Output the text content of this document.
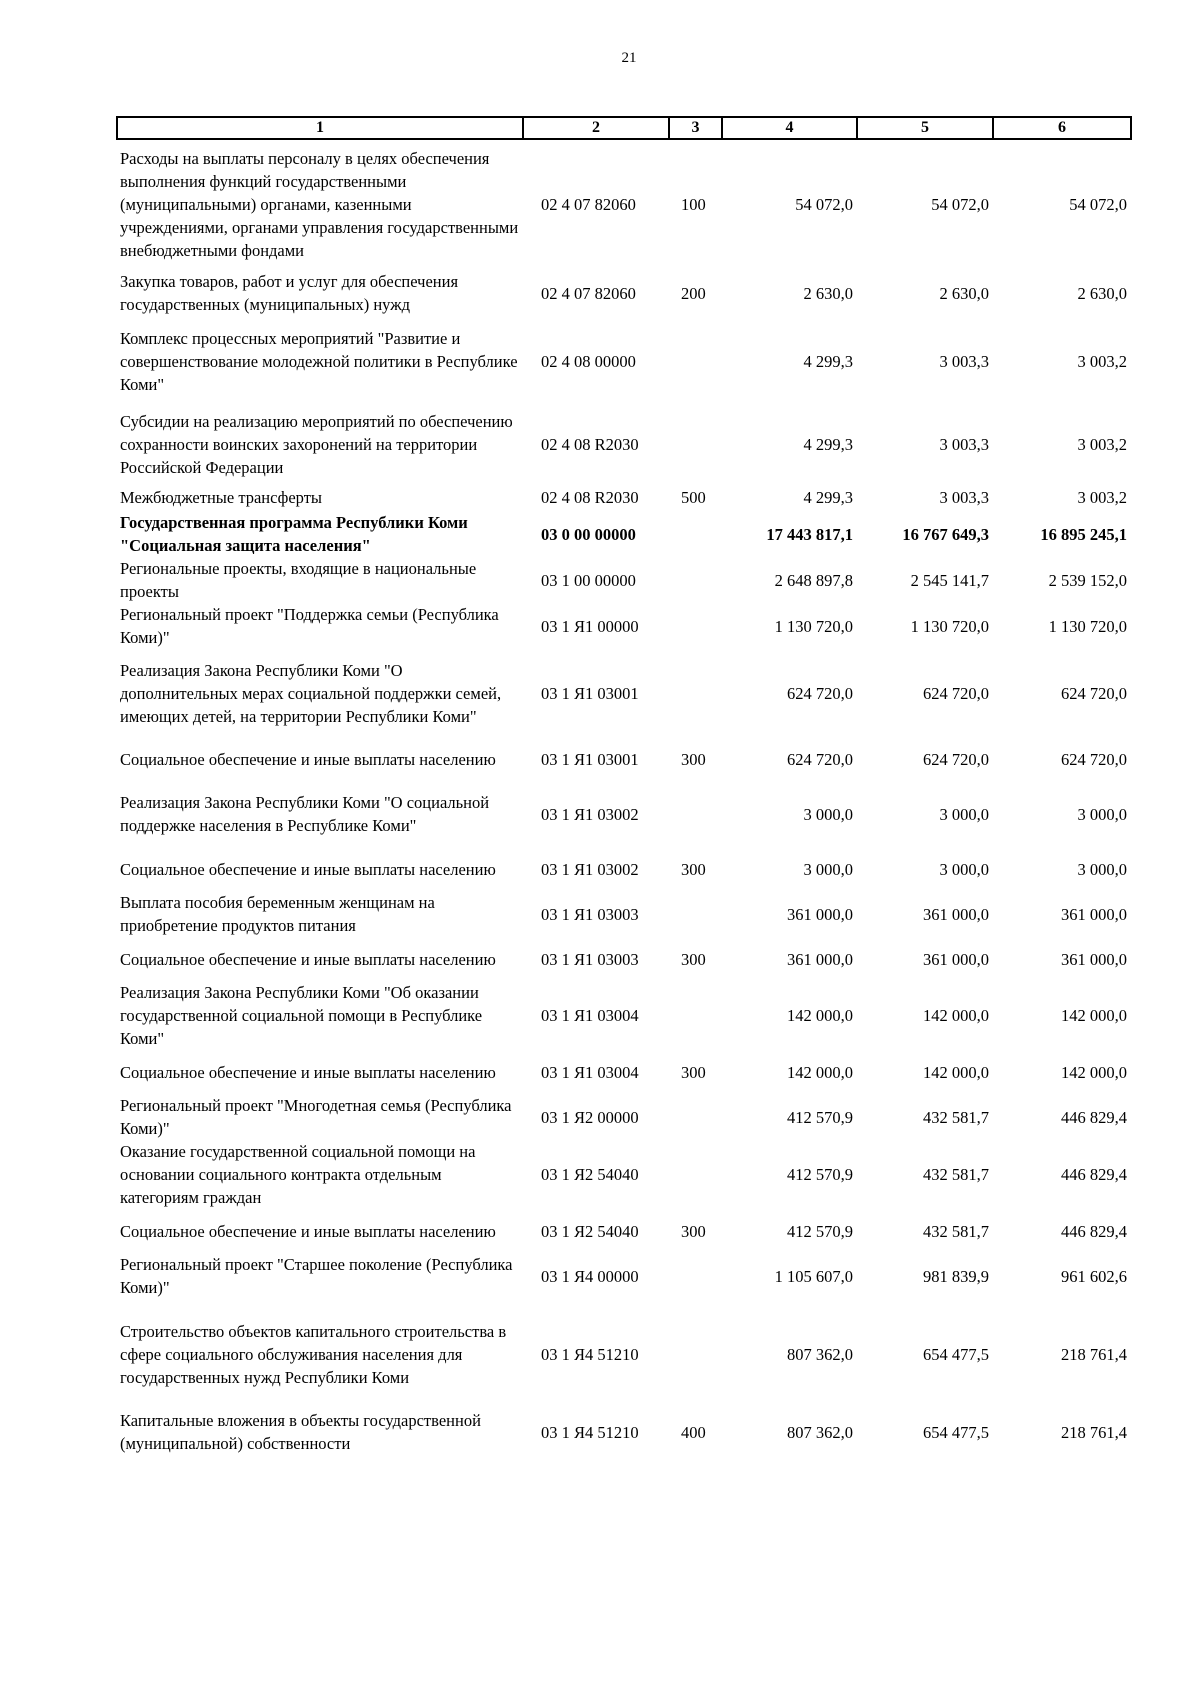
21
1	2	3	4	5	6
Расходы на выплаты персоналу в целях обеспечения выполнения функций государственными (муниципальными) органами, казенными учреждениями, органами управления государственными внебюджетными фондами	02 4 07 82060	100	54 072,0	54 072,0	54 072,0
Закупка товаров, работ и услуг для обеспечения государственных (муниципальных) нужд	02 4 07 82060	200	2 630,0	2 630,0	2 630,0
Комплекс процессных мероприятий "Развитие и совершенствование молодежной политики в Республике Коми"	02 4 08 00000		4 299,3	3 003,3	3 003,2
Субсидии на реализацию мероприятий по обеспечению сохранности воинских захоронений на территории Российской Федерации	02 4 08 R2030		4 299,3	3 003,3	3 003,2
Межбюджетные трансферты	02 4 08 R2030	500	4 299,3	3 003,3	3 003,2
Государственная программа Республики Коми "Социальная защита населения"	03 0 00 00000		17 443 817,1	16 767 649,3	16 895 245,1
Региональные проекты, входящие в национальные проекты	03 1 00 00000		2 648 897,8	2 545 141,7	2 539 152,0
Региональный проект "Поддержка семьи (Республика Коми)"	03 1 Я1 00000		1 130 720,0	1 130 720,0	1 130 720,0
Реализация Закона Республики Коми "О дополнительных мерах социальной поддержки семей, имеющих детей, на территории Республики Коми"	03 1 Я1 03001		624 720,0	624 720,0	624 720,0
Социальное обеспечение и иные выплаты населению	03 1 Я1 03001	300	624 720,0	624 720,0	624 720,0
Реализация Закона Республики Коми "О социальной поддержке населения в Республике Коми"	03 1 Я1 03002		3 000,0	3 000,0	3 000,0
Социальное обеспечение и иные выплаты населению	03 1 Я1 03002	300	3 000,0	3 000,0	3 000,0
Выплата пособия беременным женщинам на приобретение продуктов питания	03 1 Я1 03003		361 000,0	361 000,0	361 000,0
Социальное обеспечение и иные выплаты населению	03 1 Я1 03003	300	361 000,0	361 000,0	361 000,0
Реализация Закона Республики Коми "Об оказании государственной социальной помощи в Республике Коми"	03 1 Я1 03004		142 000,0	142 000,0	142 000,0
Социальное обеспечение и иные выплаты населению	03 1 Я1 03004	300	142 000,0	142 000,0	142 000,0
Региональный проект "Многодетная семья (Республика Коми)"	03 1 Я2 00000		412 570,9	432 581,7	446 829,4
Оказание государственной социальной помощи на основании социального контракта отдельным категориям граждан	03 1 Я2 54040		412 570,9	432 581,7	446 829,4
Социальное обеспечение и иные выплаты населению	03 1 Я2 54040	300	412 570,9	432 581,7	446 829,4
Региональный проект "Старшее поколение (Республика Коми)"	03 1 Я4 00000		1 105 607,0	981 839,9	961 602,6
Строительство объектов капитального строительства в сфере социального обслуживания населения для государственных нужд Республики Коми	03 1 Я4 51210		807 362,0	654 477,5	218 761,4
Капитальные вложения в объекты государственной (муниципальной) собственности	03 1 Я4 51210	400	807 362,0	654 477,5	218 761,4
